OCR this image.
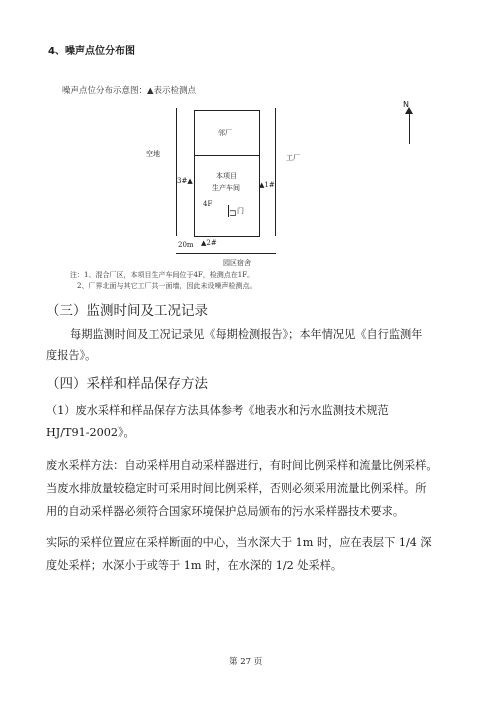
4、噪声点位分布图
噪声点位分布示意图：▲表示检测点
N
邻厂
本项目
生产车间
4F
⊐ 门
空地	工厂
3#▲	▲1#
▲2#
20m
园区宿舍
注：1、混合厂区，本项目生产车间位于4F，检测点在1F。
2、厂界北面与其它工厂共一面墙，因此未设噪声检测点。
（三）监测时间及工况记录
每期监测时间及工况记录见《每期检测报告》；本年情况见《自行监测年
度报告》。
（四）采样和样品保存方法
（1）废水采样和样品保存方法具体参考《地表水和污水监测技术规范
HJ/T91-2002》。
废水采样方法：自动采样用自动采样器进行，有时间比例采样和流量比例采样。
当废水排放量较稳定时可采用时间比例采样，否则必须采用流量比例采样。所
用的自动采样器必须符合国家环境保护总局颁布的污水采样器技术要求。
实际的采样位置应在采样断面的中心，当水深大于 1m 时，应在表层下 1/4 深
度处采样；水深小于或等于 1m 时，在水深的 1/2 处采样。
第 27 页
